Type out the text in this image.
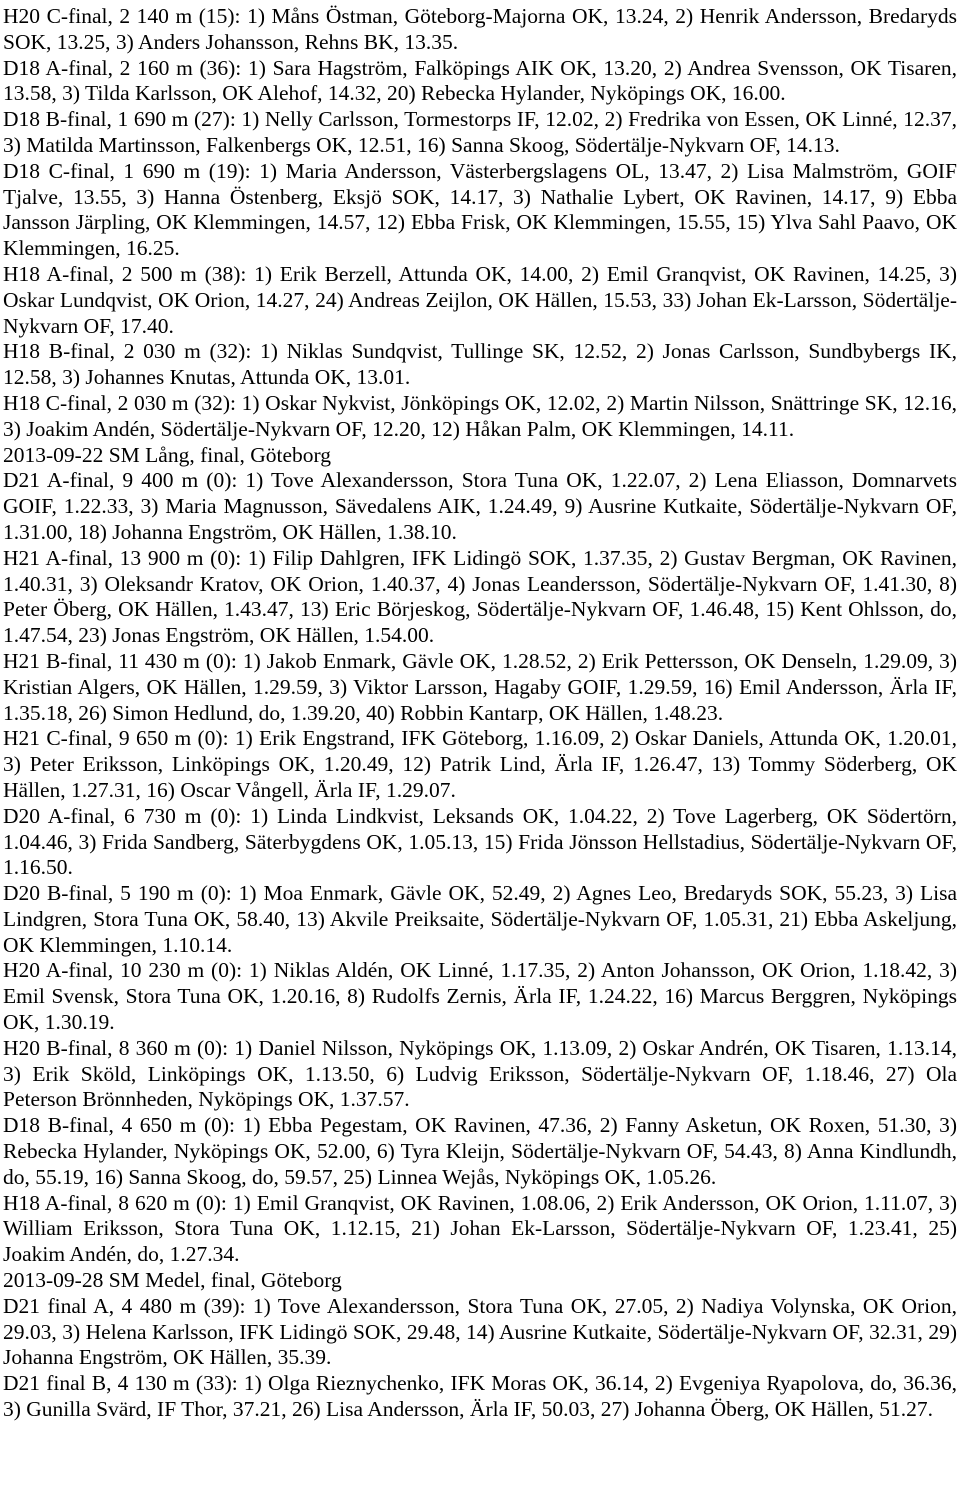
H20 C-final, 2 140 m (15): 1) Måns Östman, Göteborg-Majorna OK, 13.24, 2) Henrik Andersson, Bredaryds SOK, 13.25, 3) Anders Johansson, Rehns BK, 13.35.

D18 A-final, 2 160 m (36): 1) Sara Hagström, Falköpings AIK OK, 13.20, 2) Andrea Svensson, OK Tisaren, 13.58, 3) Tilda Karlsson, OK Alehof, 14.32, 20) Rebecka Hylander, Nyköpings OK, 16.00.

D18 B-final, 1 690 m (27): 1) Nelly Carlsson, Tormestorps IF, 12.02, 2) Fredrika von Essen, OK Linné, 12.37, 3) Matilda Martinsson, Falkenbergs OK, 12.51, 16) Sanna Skoog, Södertälje-Nykvarn OF, 14.13.

D18 C-final, 1 690 m (19): 1) Maria Andersson, Västerbergslagens OL, 13.47, 2) Lisa Malmström, GOIF Tjalve, 13.55, 3) Hanna Östenberg, Eksjö SOK, 14.17, 3) Nathalie Lybert, OK Ravinen, 14.17, 9) Ebba Jansson Järpling, OK Klemmingen, 14.57, 12) Ebba Frisk, OK Klemmingen, 15.55, 15) Ylva Sahl Paavo, OK Klemmingen, 16.25.

H18 A-final, 2 500 m (38): 1) Erik Berzell, Attunda OK, 14.00, 2) Emil Granqvist, OK Ravinen, 14.25, 3) Oskar Lundqvist, OK Orion, 14.27, 24) Andreas Zeijlon, OK Hällen, 15.53, 33) Johan Ek-Larsson, Södertälje-Nykvarn OF, 17.40.

H18 B-final, 2 030 m (32): 1) Niklas Sundqvist, Tullinge SK, 12.52, 2) Jonas Carlsson, Sundbybergs IK, 12.58, 3) Johannes Knutas, Attunda OK, 13.01.

H18 C-final, 2 030 m (32): 1) Oskar Nykvist, Jönköpings OK, 12.02, 2) Martin Nilsson, Snättringe SK, 12.16, 3) Joakim Andén, Södertälje-Nykvarn OF, 12.20, 12) Håkan Palm, OK Klemmingen, 14.11.

2013-09-22 SM Lång, final, Göteborg

D21 A-final, 9 400 m (0): 1) Tove Alexandersson, Stora Tuna OK, 1.22.07, 2) Lena Eliasson, Domnarvets GOIF, 1.22.33, 3) Maria Magnusson, Sävedalens AIK, 1.24.49, 9) Ausrine Kutkaite, Södertälje-Nykvarn OF, 1.31.00, 18) Johanna Engström, OK Hällen, 1.38.10.

H21 A-final, 13 900 m (0): 1) Filip Dahlgren, IFK Lidingö SOK, 1.37.35, 2) Gustav Bergman, OK Ravinen, 1.40.31, 3) Oleksandr Kratov, OK Orion, 1.40.37, 4) Jonas Leandersson, Södertälje-Nykvarn OF, 1.41.30, 8) Peter Öberg, OK Hällen, 1.43.47, 13) Eric Börjeskog, Södertälje-Nykvarn OF, 1.46.48, 15) Kent Ohlsson, do, 1.47.54, 23) Jonas Engström, OK Hällen, 1.54.00.

H21 B-final, 11 430 m (0): 1) Jakob Enmark, Gävle OK, 1.28.52, 2) Erik Pettersson, OK Denseln, 1.29.09, 3) Kristian Algers, OK Hällen, 1.29.59, 3) Viktor Larsson, Hagaby GOIF, 1.29.59, 16) Emil Andersson, Ärla IF, 1.35.18, 26) Simon Hedlund, do, 1.39.20, 40) Robbin Kantarp, OK Hällen, 1.48.23.

H21 C-final, 9 650 m (0): 1) Erik Engstrand, IFK Göteborg, 1.16.09, 2) Oskar Daniels, Attunda OK, 1.20.01, 3) Peter Eriksson, Linköpings OK, 1.20.49, 12) Patrik Lind, Ärla IF, 1.26.47, 13) Tommy Söderberg, OK Hällen, 1.27.31, 16) Oscar Vångell, Ärla IF, 1.29.07.

D20 A-final, 6 730 m (0): 1) Linda Lindkvist, Leksands OK, 1.04.22, 2) Tove Lagerberg, OK Södertörn, 1.04.46, 3) Frida Sandberg, Säterbygdens OK, 1.05.13, 15) Frida Jönsson Hellstadius, Södertälje-Nykvarn OF, 1.16.50.

D20 B-final, 5 190 m (0): 1) Moa Enmark, Gävle OK, 52.49, 2) Agnes Leo, Bredaryds SOK, 55.23, 3) Lisa Lindgren, Stora Tuna OK, 58.40, 13) Akvile Preiksaite, Södertälje-Nykvarn OF, 1.05.31, 21) Ebba Askeljung, OK Klemmingen, 1.10.14.

H20 A-final, 10 230 m (0): 1) Niklas Aldén, OK Linné, 1.17.35, 2) Anton Johansson, OK Orion, 1.18.42, 3) Emil Svensk, Stora Tuna OK, 1.20.16, 8) Rudolfs Zernis, Ärla IF, 1.24.22, 16) Marcus Berggren, Nyköpings OK, 1.30.19.

H20 B-final, 8 360 m (0): 1) Daniel Nilsson, Nyköpings OK, 1.13.09, 2) Oskar Andrén, OK Tisaren, 1.13.14, 3) Erik Sköld, Linköpings OK, 1.13.50, 6) Ludvig Eriksson, Södertälje-Nykvarn OF, 1.18.46, 27) Ola Peterson Brönnheden, Nyköpings OK, 1.37.57.

D18 B-final, 4 650 m (0): 1) Ebba Pegestam, OK Ravinen, 47.36, 2) Fanny Asketun, OK Roxen, 51.30, 3) Rebecka Hylander, Nyköpings OK, 52.00, 6) Tyra Kleijn, Södertälje-Nykvarn OF, 54.43, 8) Anna Kindlundh, do, 55.19, 16) Sanna Skoog, do, 59.57, 25) Linnea Wejås, Nyköpings OK, 1.05.26.

H18 A-final, 8 620 m (0): 1) Emil Granqvist, OK Ravinen, 1.08.06, 2) Erik Andersson, OK Orion, 1.11.07, 3) William Eriksson, Stora Tuna OK, 1.12.15, 21) Johan Ek-Larsson, Södertälje-Nykvarn OF, 1.23.41, 25) Joakim Andén, do, 1.27.34.

2013-09-28 SM Medel, final, Göteborg

D21 final A, 4 480 m (39): 1) Tove Alexandersson, Stora Tuna OK, 27.05, 2) Nadiya Volynska, OK Orion, 29.03, 3) Helena Karlsson, IFK Lidingö SOK, 29.48, 14) Ausrine Kutkaite, Södertälje-Nykvarn OF, 32.31, 29) Johanna Engström, OK Hällen, 35.39.

D21 final B, 4 130 m (33): 1) Olga Rieznychenko, IFK Moras OK, 36.14, 2) Evgeniya Ryapolova, do, 36.36, 3) Gunilla Svärd, IF Thor, 37.21, 26) Lisa Andersson, Ärla IF, 50.03, 27) Johanna Öberg, OK Hällen, 51.27.
